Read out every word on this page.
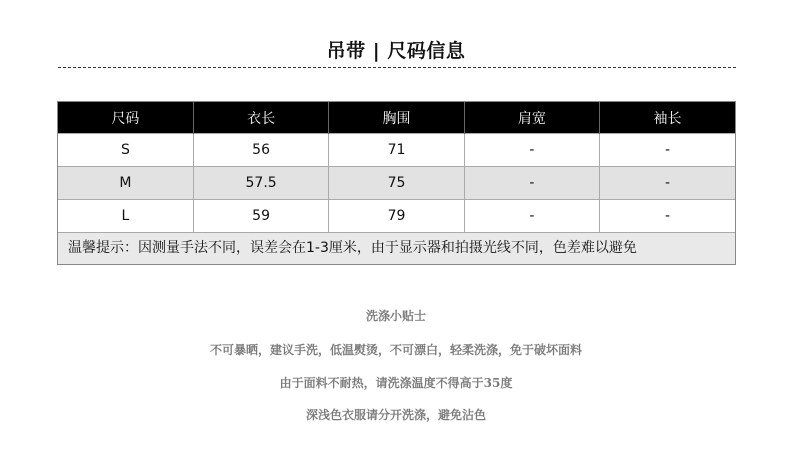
吊带 | 尺码信息
尺码	衣长	胸围	肩宽	袖长
S	56	71	-	-
M	57.5	75	-	-
L	59	79	-	-
温馨提示：因测量手法不同，误差会在1-3厘米，由于显示器和拍摄光线不同，色差难以避免
洗涤小贴士
不可暴晒，建议手洗，低温熨烫，不可漂白，轻柔洗涤，免于破坏面料
由于面料不耐热，请洗涤温度不得高于35度
深浅色衣服请分开洗涤，避免沾色
